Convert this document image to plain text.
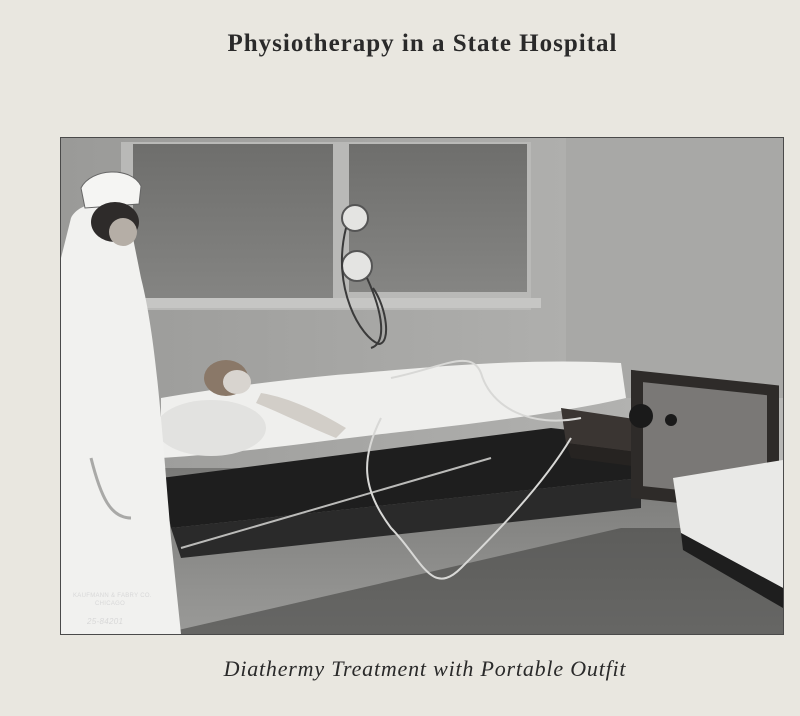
Physiotherapy in a State Hospital
KAUFMANN & FABRY CO.
CHICAGO
25-84201
Diathermy Treatment with Portable Outfit
